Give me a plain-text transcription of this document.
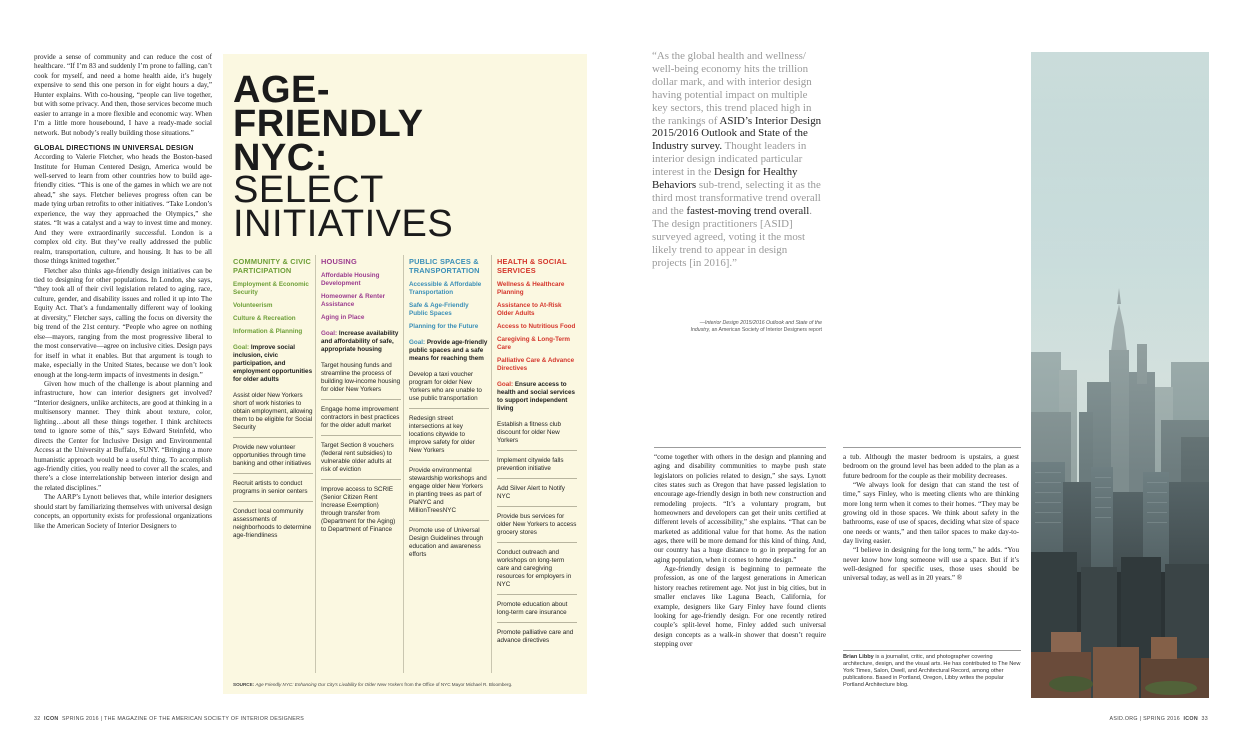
provide a sense of community and can reduce the cost of healthcare. “If I’m 83 and suddenly I’m prone to falling, can’t cook for myself, and need a home health aide, it’s hugely expensive to send this one person in for eight hours a day,” Hunter explains. With co-housing, “people can live together, but with some privacy. And then, those services become much easier to arrange in a more flexible and economic way. When I’m a little more housebound, I have a ready-made social network. But nobody’s really building those situations.”

GLOBAL DIRECTIONS IN UNIVERSAL DESIGN

According to Valerie Fletcher, who heads the Boston-based Institute for Human Centered Design, America would be well-served to learn from other countries how to build age-friendly cities. “This is one of the games in which we are not ahead,” she says. Fletcher believes progress often can be made tying urban retrofits to other initiatives. “Take London’s experience, the way they approached the Olympics,” she states. “It was a catalyst and a way to invest time and money. And they were extraordinarily successful. London is a complex old city. But they’ve really addressed the public realm, transportation, culture, and housing. It has to be all those things knitted together.”

Fletcher also thinks age-friendly design initiatives can be tied to designing for other populations. In London, she says, “they took all of their civil legislation related to aging, race, culture, gender, and disability issues and rolled it up into The Equity Act. That’s a fundamentally different way of looking at diversity,” Fletcher says, calling the focus on diversity the big trend of the 21st century. “People who agree on nothing else—mayors, ranging from the most progressive liberal to the most conservative—agree on inclusive cities. Design pays for itself in what it enables. But that argument is tough to make, especially in the United States, because we don’t look enough at the long-term impacts of investments in design.”

Given how much of the challenge is about planning and infrastructure, how can interior designers get involved? “Interior designers, unlike architects, are good at thinking in a multisensory manner. They think about texture, color, lighting…about all these things together. I think architects tend to ignore some of this,” says Edward Steinfeld, who directs the Center for Inclusive Design and Environmental Access at the University at Buffalo, SUNY. “Bringing a more humanistic approach would be a useful thing. To accomplish age-friendly cities, you really need to cover all the scales, and there’s a close interrelationship between interior design and the related disciplines.”

The AARP’s Lynott believes that, while interior designers should start by familiarizing themselves with universal design concepts, an opportunity exists for professional organizations like the American Society of Interior Designers to

AGE-
FRIENDLY
NYC:
SELECT
INITIATIVES
COMMUNITY & CIVIC PARTICIPATION
Employment & Economic Security
Volunteerism
Culture & Recreation
Information & Planning
Goal: Improve social inclusion, civic participation, and employment opportunities for older adults
Assist older New Yorkers short of work histories to obtain employment, allowing them to be eligible for Social Security
Provide new volunteer opportunities through time banking and other initiatives
Recruit artists to conduct programs in senior centers
Conduct local community assessments of neighborhoods to determine age-friendliness
HOUSING
Affordable Housing Development
Homeowner & Renter Assistance
Aging in Place
Goal: Increase availability and affordability of safe, appropriate housing
Target housing funds and streamline the process of building low-income housing for older New Yorkers
Engage home improvement contractors in best practices for the older adult market
Target Section 8 vouchers (federal rent subsidies) to vulnerable older adults at risk of eviction
Improve access to SCRIE (Senior Citizen Rent Increase Exemption) through transfer from (Department for the Aging) to Department of Finance
PUBLIC SPACES & TRANSPORTATION
Accessible & Affordable Transportation
Safe & Age-Friendly Public Spaces
Planning for the Future
Goal: Provide age-friendly public spaces and a safe means for reaching them
Develop a taxi voucher program for older New Yorkers who are unable to use public transportation
Redesign street intersections at key locations citywide to improve safety for older New Yorkers
Provide environmental stewardship workshops and engage older New Yorkers in planting trees as part of PlaNYC and MillionTreesNYC
Promote use of Universal Design Guidelines through education and awareness efforts
HEALTH & SOCIAL SERVICES
Wellness & Healthcare Planning
Assistance to At-Risk Older Adults
Access to Nutritious Food
Caregiving & Long-Term Care
Palliative Care & Advance Directives
Goal: Ensure access to health and social services to support independent living
Establish a fitness club discount for older New Yorkers
Implement citywide falls prevention initiative
Add Silver Alert to Notify NYC
Provide bus services for older New Yorkers to access grocery stores
Conduct outreach and workshops on long-term care and caregiving resources for employers in NYC
Promote education about long-term care insurance
Promote palliative care and advance directives
SOURCE: Age Friendly NYC: Enhancing Our City’s Livability for Older New Yorkers from the Office of NYC Mayor Michael R. Bloomberg.
“As the global health and wellness/ well-being economy hits the trillion dollar mark, and with interior design having potential impact on multiple key sectors, this trend placed high in the rankings of ASID’s Interior Design 2015/2016 Outlook and State of the Industry survey. Thought leaders in interior design indicated particular interest in the Design for Healthy Behaviors sub-trend, selecting it as the third most transformative trend overall and the fastest-moving trend overall. The design practitioners [ASID] surveyed agreed, voting it the most likely trend to appear in design projects [in 2016].”
—Interior Design 2015/2016 Outlook and State of the Industry, an American Society of Interior Designers report

“come together with others in the design and planning and aging and disability communities to maybe push state legislators on policies related to design,” she says. Lynott cites states such as Oregon that have passed legislation to encourage age-friendly design in both new construction and remodeling projects. “It’s a voluntary program, but homeowners and developers can get their units certified at different levels of accessibility,” she explains. “That can be marketed as additional value for that home. As the nation ages, there will be more demand for this kind of thing. And, our country has a huge distance to go in preparing for an aging population, when it comes to home design.”

Age-friendly design is beginning to permeate the profession, as one of the largest generations in American history reaches retirement age. Not just in big cities, but in smaller enclaves like Laguna Beach, California, for example, designers like Gary Finley have found clients looking for age-friendly design. For one recently retired couple’s split-level home, Finley added such universal design concepts as a walk-in shower that doesn’t require stepping over

a tub. Although the master bedroom is upstairs, a guest bedroom on the ground level has been added to the plan as a future bedroom for the couple as their mobility decreases.

“We always look for design that can stand the test of time,” says Finley, who is meeting clients who are thinking more long term when it comes to their homes. “They may be growing old in those spaces. We think about safety in the bathrooms, ease of use of spaces, deciding what size of space one needs or wants,” and then tailor spaces to make day-to-day living easier.

“I believe in designing for the long term,” he adds. “You never know how long someone will use a space. But if it’s well-designed for specific uses, those uses should be universal today, as well as in 20 years.” ®

Brian Libby is a journalist, critic, and photographer covering architecture, design, and the visual arts. He has contributed to The New York Times, Salon, Dwell, and Architectural Record, among other publications. Based in Portland, Oregon, Libby writes the popular Portland Architecture blog.
32 ICON SPRING 2016 | THE MAGAZINE OF THE AMERICAN SOCIETY OF INTERIOR DESIGNERS	ASID.ORG | SPRING 2016 ICON 33
